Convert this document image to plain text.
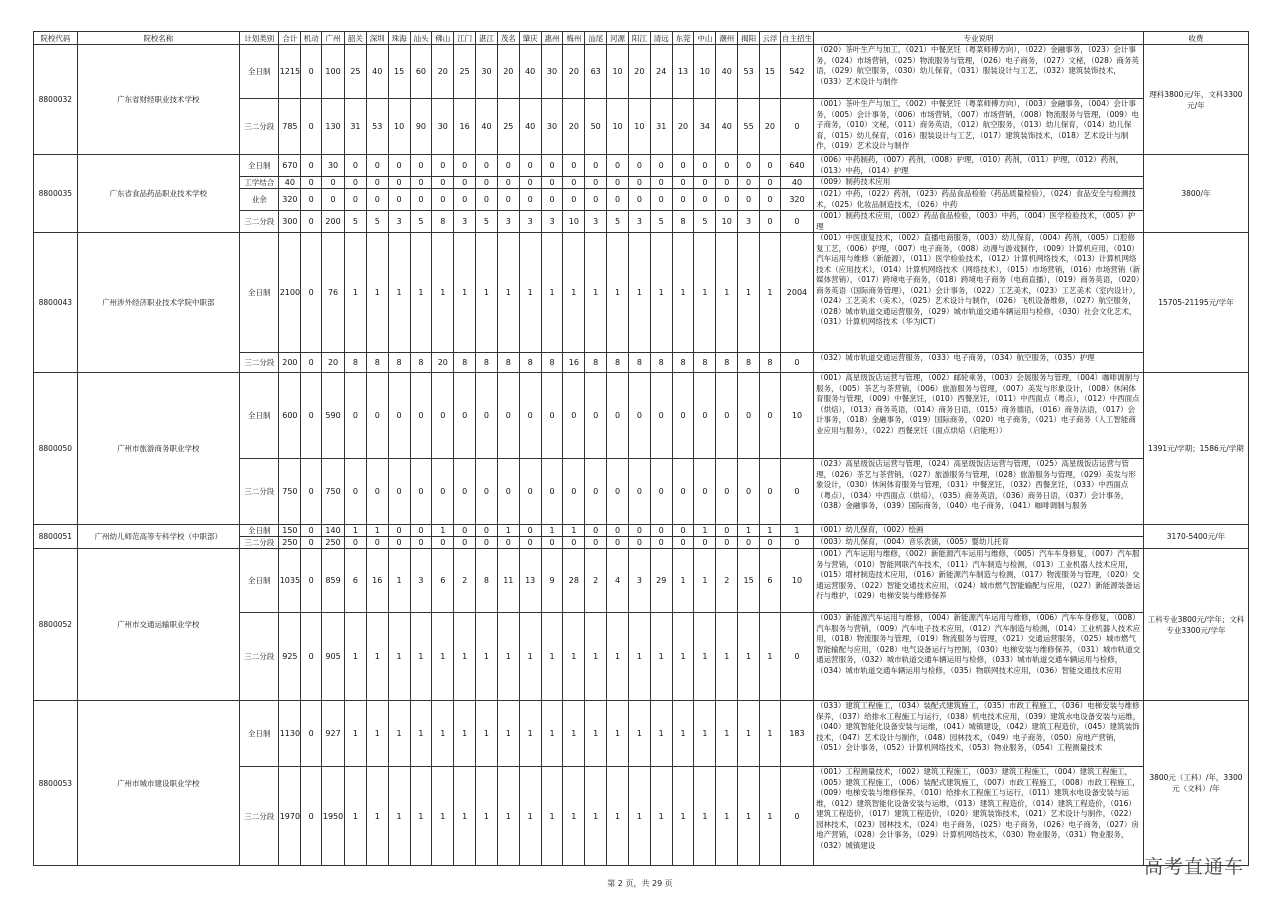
院校代码	院校名称	计划类别	合计	机动	广州	韶关	深圳	珠海	汕头	佛山	江门	湛江	茂名	肇庆	惠州	梅州	汕尾	河源	阳江	清远	东莞	中山	潮州	揭阳	云浮	自主招生	专业说明	收费
8800032	广东省财经职业技术学校	全日制	1215	0	100	25	40	15	60	20	25	30	20	40	30	20	63	10	20	24	13	10	40	53	15	542	（020）茶叶生产与加工，（021）中餐烹饪（粤菜师傅方向），（022）金融事务，（023）会计事务，（024）市场营销，（025）物流服务与管理，（026）电子商务，（027）文秘，（028）商务英语，（029）航空服务，（030）幼儿保育，（031）服装设计与工艺，（032）建筑装饰技术，（033）艺术设计与制作	理科3800元/年，文科3300元/年
		三二分段	785	0	130	31	53	10	90	30	16	40	25	40	30	20	50	10	10	31	20	34	40	55	20	0	（001）茶叶生产与加工，（002）中餐烹饪（粤菜师傅方向），（003）金融事务，（004）会计事务，（005）会计事务，（006）市场营销，（007）市场营销，（008）物流服务与管理，（009）电子商务，（010）文秘，（011）商务英语，（012）航空服务，（013）幼儿保育，（014）幼儿保育，（015）幼儿保育，（016）服装设计与工艺，（017）建筑装饰技术，（018）艺术设计与制作，（019）艺术设计与制作	
8800035	广东省食品药品职业技术学校	全日制	670	0	30	0	0	0	0	0	0	0	0	0	0	0	0	0	0	0	0	0	0	0	0	640	（006）中药制药，（007）药剂，（008）护理，（010）药剂，（011）护理，（012）药剂，（013）中药，（014）护理	3800/年
		工学结合	40	0	0	0	0	0	0	0	0	0	0	0	0	0	0	0	0	0	0	0	0	0	0	40	（009）制药技术应用	
		业余	320	0	0	0	0	0	0	0	0	0	0	0	0	0	0	0	0	0	0	0	0	0	0	320	（021）中药，（022）药剂，（023）药品食品检验（药品质量检验），（024）食品安全与检测技术，（025）化妆品制造技术，（026）中药	
		三二分段	300	0	200	5	5	3	5	8	3	5	3	3	3	10	3	5	3	5	8	5	10	3	0	0	（001）制药技术应用，（002）药品食品检验，（003）中药，（004）医学检验技术，（005）护理	
8800043	广州涉外经济职业技术学院中职部	全日制	2100	0	76	1	1	1	1	1	1	1	1	1	1	1	1	1	1	1	1	1	1	1	1	2004	（001）中医康复技术，（002）直播电商服务，（003）幼儿保育，（004）药剂，（005）口腔修复工艺，（006）护理，（007）电子商务，（008）动漫与游戏制作，（009）计算机应用，（010）汽车运用与维修（新能源），（011）医学检验技术，（012）计算机网络技术，（013）计算机网络技术（应用技术），（014）计算机网络技术（网络技术），（015）市场营销，（016）市场营销（新媒体营销），（017）跨境电子商务，（018）跨境电子商务（电商直播），（019）商务英语，（020）商务英语（国际商务管理），（021）会计事务，（022）工艺美术，（023）工艺美术（室内设计），（024）工艺美术（美术），（025）艺术设计与制作，（026）飞机设备维修，（027）航空服务，（028）城市轨道交通运营服务，（029）城市轨道交通车辆运用与检修，（030）社会文化艺术，（031）计算机网络技术（华为ICT）	15705-21195元/学年
		三二分段	200	0	20	8	8	8	8	20	8	8	8	8	8	16	8	8	8	8	8	8	8	8	8	0	（032）城市轨道交通运营服务，（033）电子商务，（034）航空服务，（035）护理	
8800050	广州市旅游商务职业学校	全日制	600	0	590	0	0	0	0	0	0	0	0	0	0	0	0	0	0	0	0	0	0	0	0	10	（001）高星级饭店运营与管理，（002）邮轮乘务，（003）会展服务与管理，（004）咖啡调制与服务，（005）茶艺与茶营销，（006）旅游服务与管理，（007）美发与形象设计，（008）休闲体育服务与管理，（009）中餐烹饪，（010）西餐烹饪，（011）中西面点（粤点），（012）中西面点（烘焙），（013）商务英语，（014）商务日语，（015）商务德语，（016）商务法语，（017）会计事务，（018）金融事务，（019）国际商务，（020）电子商务，（021）电子商务（人工智能商业应用与服务），（022）西餐烹饪（面点烘焙（启能班））	1391元/学期；1586元/学期
		三二分段	750	0	750	0	0	0	0	0	0	0	0	0	0	0	0	0	0	0	0	0	0	0	0	0	（023）高星级饭店运营与管理，（024）高星级饭店运营与管理，（025）高星级饭店运营与管理，（026）茶艺与茶营销，（027）旅游服务与管理，（028）旅游服务与管理，（029）美发与形象设计，（030）休闲体育服务与管理，（031）中餐烹饪，（032）西餐烹饪，（033）中西面点（粤点），（034）中西面点（烘焙），（035）商务英语，（036）商务日语，（037）会计事务，（038）金融事务，（039）国际商务，（040）电子商务，（041）咖啡调制与服务	
8800051	广州幼儿师范高等专科学校（中职部）	全日制	150	0	140	1	1	0	0	1	0	0	1	0	1	1	0	0	0	0	0	1	0	1	1	1	（001）幼儿保育，（002）绘画	3170-5400元/年
		三二分段	250	0	250	0	0	0	0	0	0	0	0	0	0	0	0	0	0	0	0	0	0	0	0	0	（003）幼儿保育，（004）音乐表演，（005）婴幼儿托育	
8800052	广州市交通运输职业学校	全日制	1035	0	859	6	16	1	3	6	2	8	11	13	9	28	2	4	3	29	1	1	2	15	6	10	（001）汽车运用与维修，（002）新能源汽车运用与维修，（005）汽车车身修复，（007）汽车服务与营销，（010）智能网联汽车技术，（011）汽车制造与检测，（013）工业机器人技术应用，（015）增材制造技术应用，（016）新能源汽车制造与检测，（017）物流服务与管理，（020）交通运营服务，（022）智能交通技术应用，（024）城市燃气智能输配与应用，（027）新能源装备运行与维护，（029）电梯安装与维修保养	工科专业3800元/学年；文科专业3300元/学年
		三二分段	925	0	905	1	1	1	1	1	1	1	1	1	1	1	1	1	1	1	1	1	1	1	1	0	（003）新能源汽车运用与维修，（004）新能源汽车运用与维修，（006）汽车车身修复，（008）汽车服务与营销，（009）汽车电子技术应用，（012）汽车制造与检测，（014）工业机器人技术应用，（018）物流服务与管理，（019）物流服务与管理，（021）交通运营服务，（025）城市燃气智能输配与应用，（028）电气设备运行与控制，（030）电梯安装与维修保养，（031）城市轨道交通运营服务，（032）城市轨道交通车辆运用与检修，（033）城市轨道交通车辆运用与检修，（034）城市轨道交通车辆运用与检修，（035）物联网技术应用，（036）智能交通技术应用	
8800053	广州市城市建设职业学校	全日制	1130	0	927	1	1	1	1	1	1	1	1	1	1	1	1	1	1	1	1	1	1	1	1	183	（033）建筑工程施工，（034）装配式建筑施工，（035）市政工程施工，（036）电梯安装与维修保养，（037）给排水工程施工与运行，（038）机电技术应用，（039）建筑水电设备安装与运维，（040）建筑智能化设备安装与运维，（041）城镇建设，（042）建筑工程造价，（045）建筑装饰技术，（047）艺术设计与制作，（048）园林技术，（049）电子商务，（050）房地产营销，（051）会计事务，（052）计算机网络技术，（053）物业服务，（054）工程测量技术	3800元（工科）/年，3300元（文科）/年
		三二分段	1970	0	1950	1	1	1	1	1	1	1	1	1	1	1	1	1	1	1	1	1	1	1	1	0	（001）工程测量技术，（002）建筑工程施工，（003）建筑工程施工，（004）建筑工程施工，（005）建筑工程施工，（006）装配式建筑施工，（007）市政工程施工，（008）市政工程施工，（009）电梯安装与维修保养，（010）给排水工程施工与运行，（011）建筑水电设备安装与运维，（012）建筑智能化设备安装与运维，（013）建筑工程造价，（014）建筑工程造价，（016）建筑工程造价，（017）建筑工程造价，（020）建筑装饰技术，（021）艺术设计与制作，（022）园林技术，（023）园林技术，（024）电子商务，（025）电子商务，（026）电子商务，（027）房地产营销，（028）会计事务，（029）计算机网络技术，（030）物业服务，（031）物业服务，（032）城镇建设	
第 2 页，共 29 页
高考直通车
